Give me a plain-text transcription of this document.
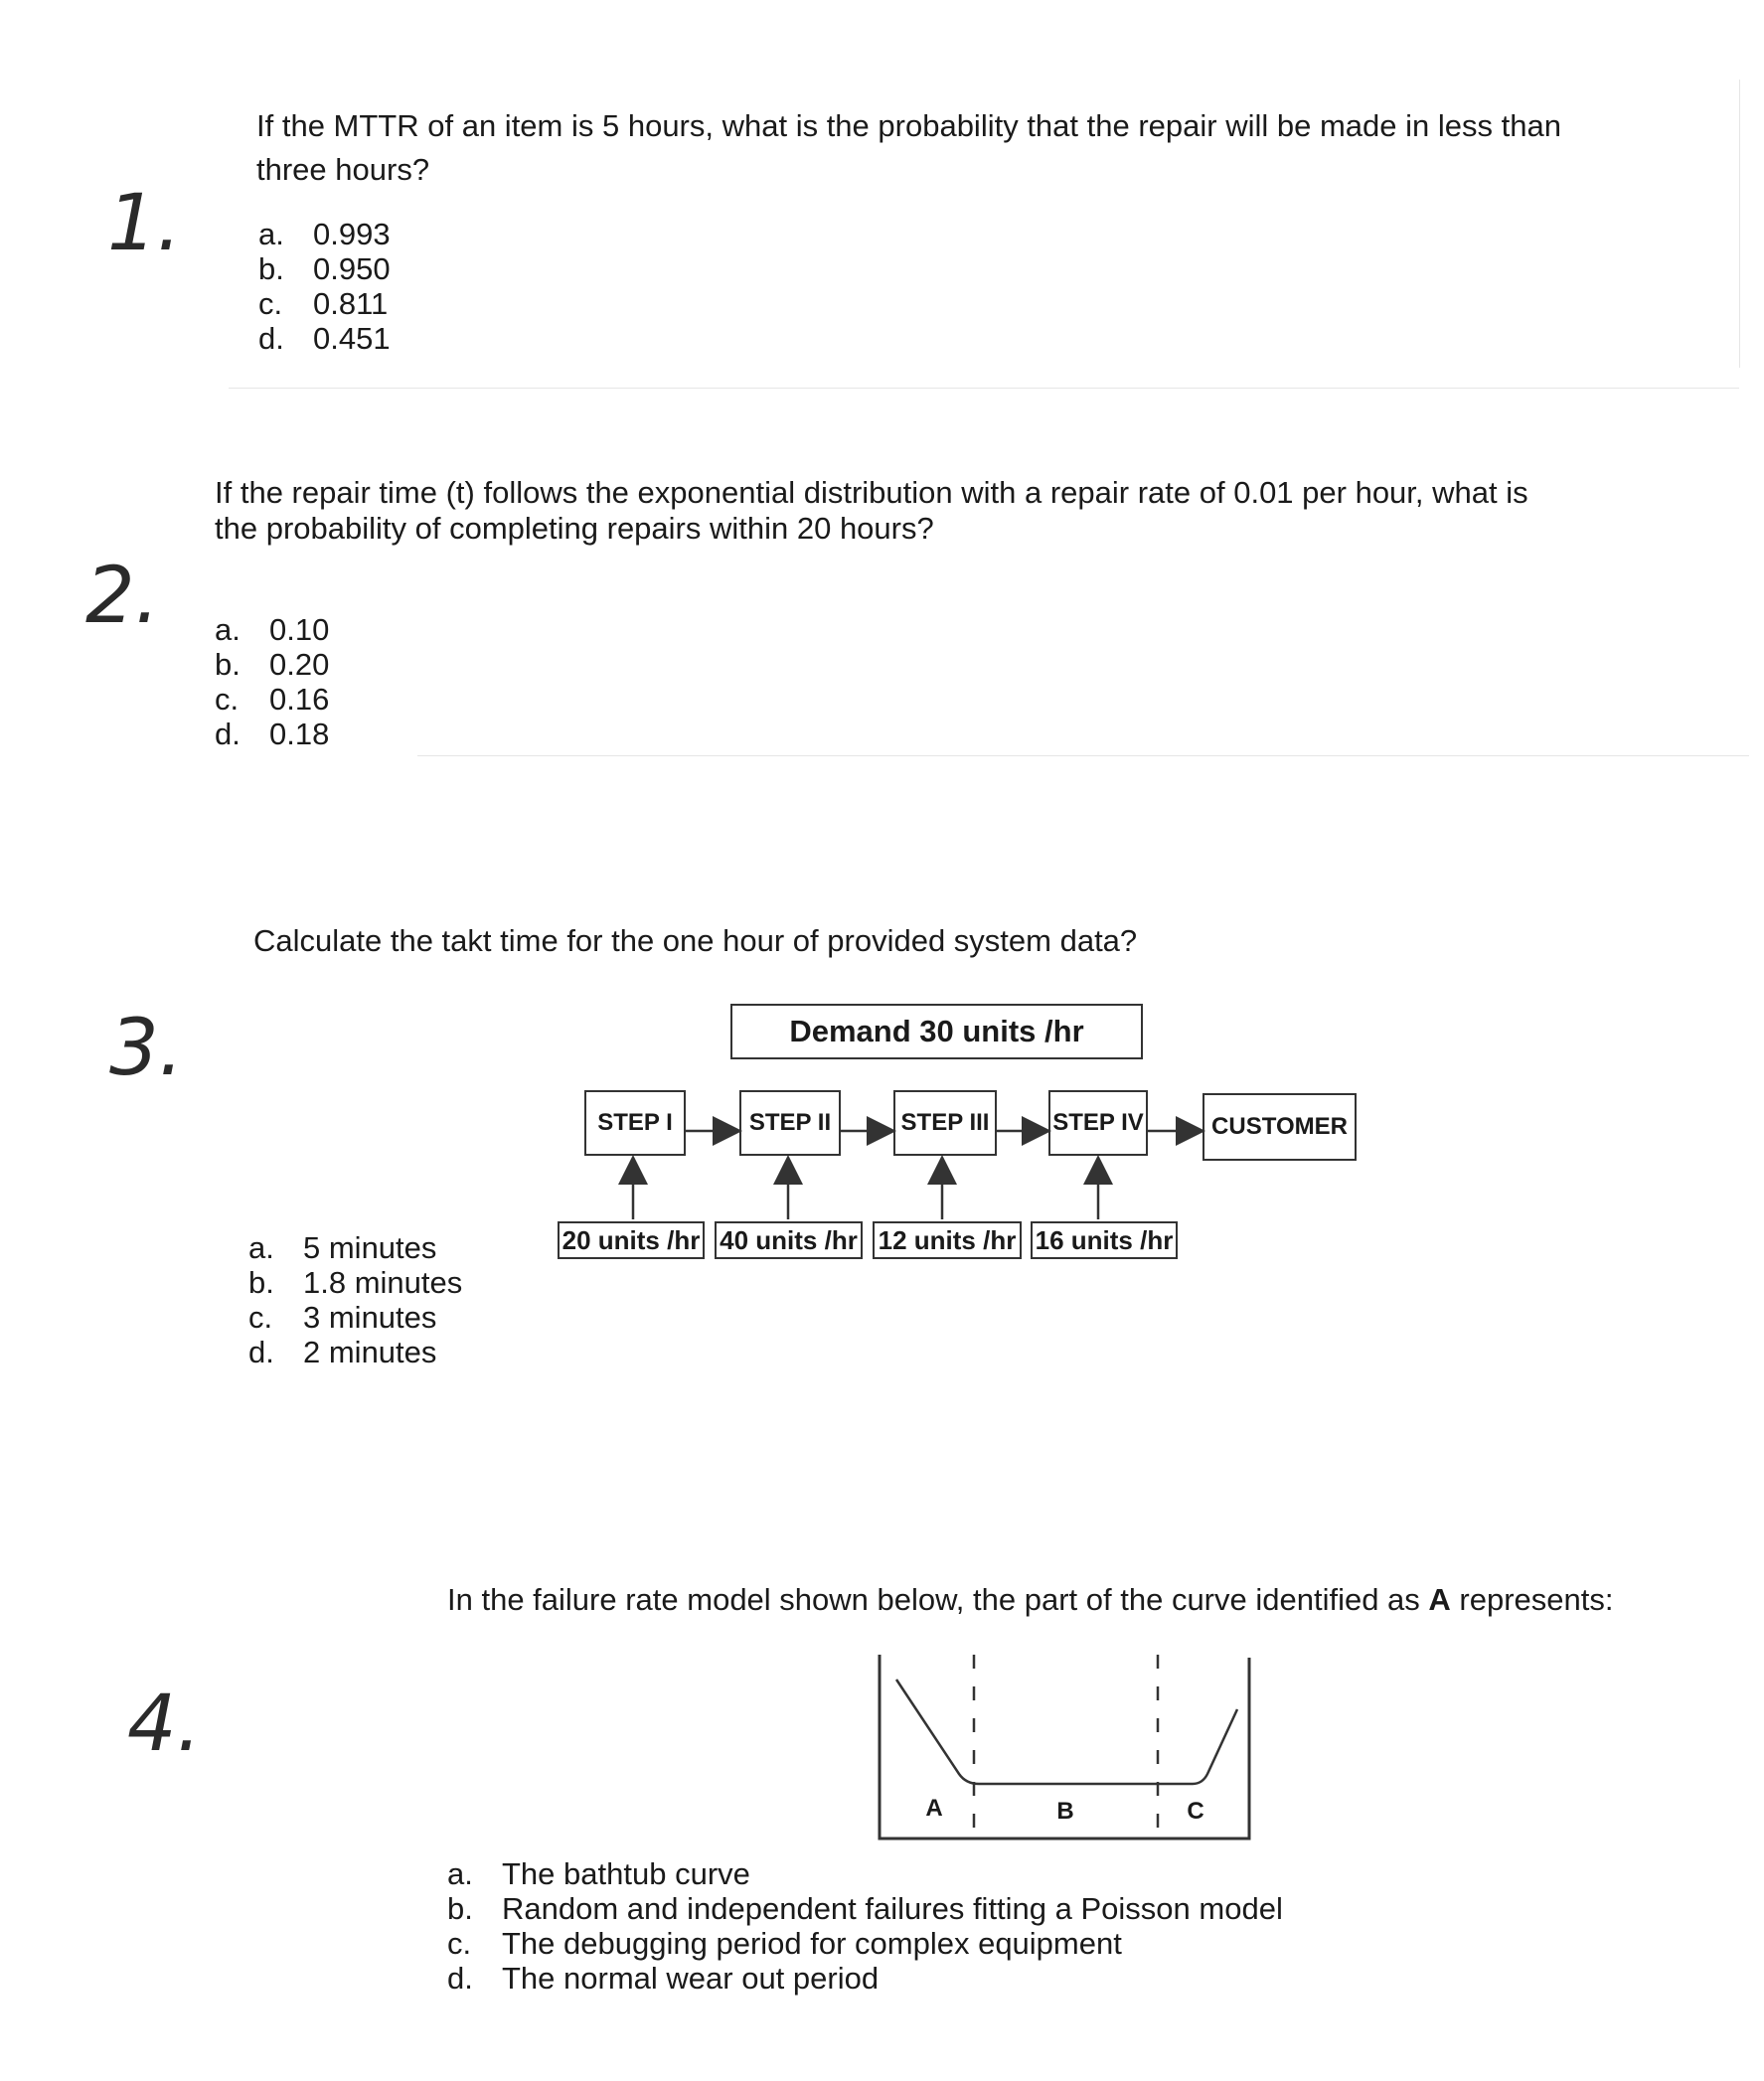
1.
If the MTTR of an item is 5 hours, what is the probability that the repair will be made in less than three hours?
a. 0.993
b. 0.950
c. 0.811
d. 0.451
2.
If the repair time (t) follows the exponential distribution with a repair rate of 0.01 per hour, what is the probability of completing repairs within 20 hours?
a. 0.10
b. 0.20
c. 0.16
d. 0.18
3.
Calculate the takt time for the one hour of provided system data?
Demand 30 units /hr
STEP I	STEP II	STEP III	STEP IV	CUSTOMER
20 units /hr 40 units /hr 12 units /hr 16 units /hr
a. 5 minutes
b. 1.8 minutes
c. 3 minutes
d. 2 minutes
4.
In the failure rate model shown below, the part of the curve identified as A represents:
A	B	C
a. The bathtub curve
b. Random and independent failures fitting a Poisson model
c. The debugging period for complex equipment
d. The normal wear out period
